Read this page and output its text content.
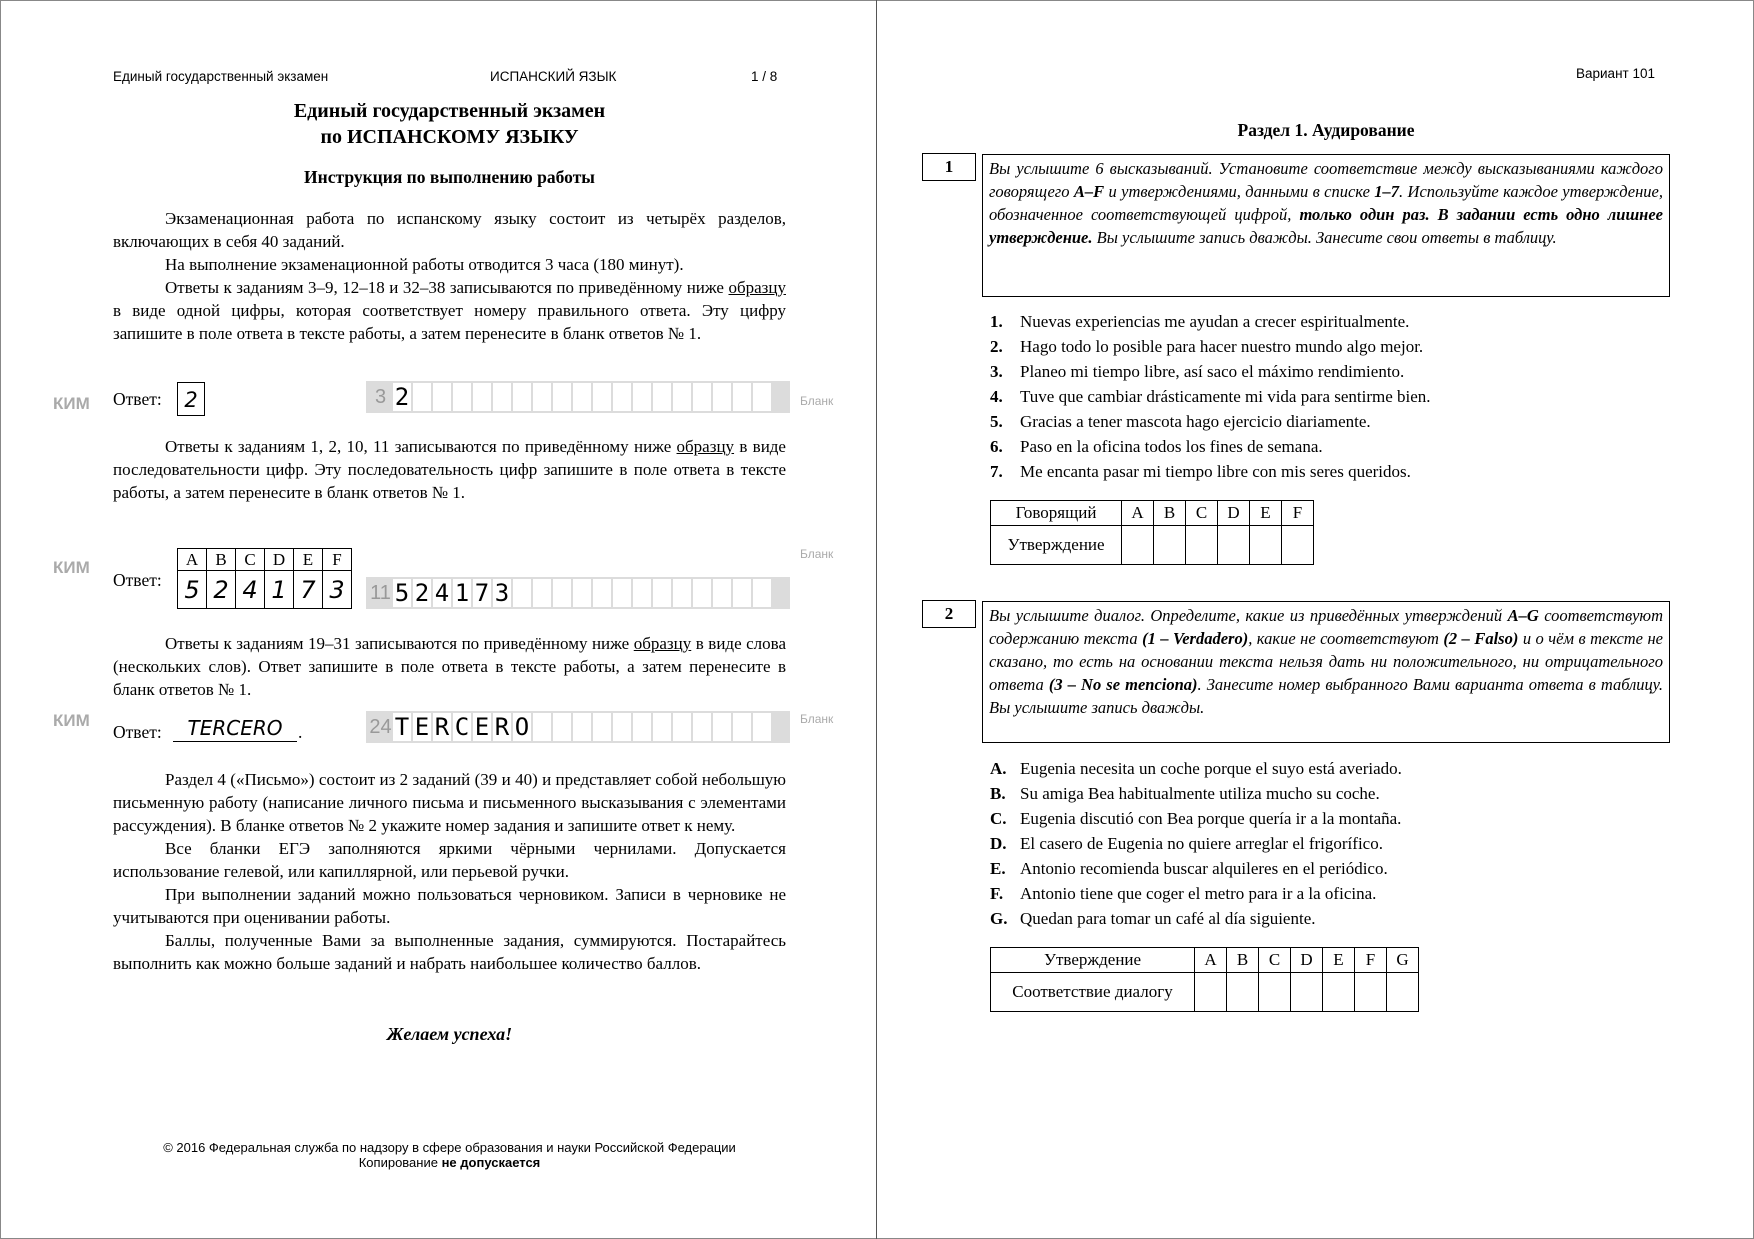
Единый государственный экзамен	ИСПАНСКИЙ ЯЗЫК	1 / 8
Единый государственный экзамен
по ИСПАНСКОМУ ЯЗЫКУ
Инструкция по выполнению работы

Экзаменационная работа по испанскому языку состоит из четырёх разделов, включающих в себя 40 заданий.

На выполнение экзаменационной работы отводится 3 часа (180 минут).

Ответы к заданиям 3–9, 12–18 и 32–38 записываются по приведённому ниже образцу в виде одной цифры, которая соответствует номеру правильного ответа. Эту цифру запишите в поле ответа в тексте работы, а затем перенесите в бланк ответов № 1.

КИМ Ответ:	2	3 2	Бланк

Ответы к заданиям 1, 2, 10, 11 записываются по приведённому ниже образцу в виде последовательности цифр. Эту последовательность цифр запишите в поле ответа в тексте работы, а затем перенесите в бланк ответов № 1.

Бланк
КИМ
Ответ:
A	B	C	D	E	F
5	2	4	1	7	3 11 5 2 4 1 7 3

Ответы к заданиям 19–31 записываются по приведённому ниже образцу в виде слова (нескольких слов). Ответ запишите в поле ответа в тексте работы, а затем перенесите в бланк ответов № 1.

КИМ	Бланк
Ответ:	TERCERO .	24 T E R C E R O

Раздел 4 («Письмо») состоит из 2 заданий (39 и 40) и представляет собой небольшую письменную работу (написание личного письма и письменного высказывания с элементами рассуждения). В бланке ответов № 2 укажите номер задания и запишите ответ к нему.

Все бланки ЕГЭ заполняются яркими чёрными чернилами. Допускается использование гелевой, или капиллярной, или перьевой ручки.

При выполнении заданий можно пользоваться черновиком. Записи в черновике не учитываются при оценивании работы.

Баллы, полученные Вами за выполненные задания, суммируются. Постарайтесь выполнить как можно больше заданий и набрать наибольшее количество баллов.

Желаем успеха!
© 2016 Федеральная служба по надзору в сфере образования и науки Российской Федерации
Копирование не допускается
Вариант 101
Раздел 1. Аудирование
1	Вы услышите 6 высказываний. Установите соответствие между высказываниями каждого говорящего A–F и утверждениями, данными в списке 1–7. Используйте каждое утверждение, обозначенное соответствующей цифрой, только один раз. В задании есть одно лишнее утверждение. Вы услышите запись дважды. Занесите свои ответы в таблицу.
1.	Nuevas experiencias me ayudan a crecer espiritualmente.
2.	Hago todo lo posible para hacer nuestro mundo algo mejor.
3.	Planeo mi tiempo libre, así saco el máximo rendimiento.
4.	Tuve que cambiar drásticamente mi vida para sentirme bien.
5.	Gracias a tener mascota hago ejercicio diariamente.
6.	Paso en la oficina todos los fines de semana.
7.	Me encanta pasar mi tiempo libre con mis seres queridos.
Говорящий	A	B	C	D	E	F
Утверждение						
2	Вы услышите диалог. Определите, какие из приведённых утверждений A–G соответствуют содержанию текста (1 – Verdadero), какие не соответствуют (2 – Falso) и о чём в тексте не сказано, то есть на основании текста нельзя дать ни положительного, ни отрицательного ответа (3 – No se menciona). Занесите номер выбранного Вами варианта ответа в таблицу. Вы услышите запись дважды.
A. Eugenia necesita un coche porque el suyo está averiado.
B. Su amiga Bea habitualmente utiliza mucho su coche.
C. Eugenia discutió con Bea porque quería ir a la montaña.
D. El casero de Eugenia no quiere arreglar el frigorífico.
E. Antonio recomienda buscar alquileres en el periódico.
F. Antonio tiene que coger el metro para ir a la oficina.
G. Quedan para tomar un café al día siguiente.
Утверждение	A	B	C	D	E	F	G
Соответствие диалогу							
